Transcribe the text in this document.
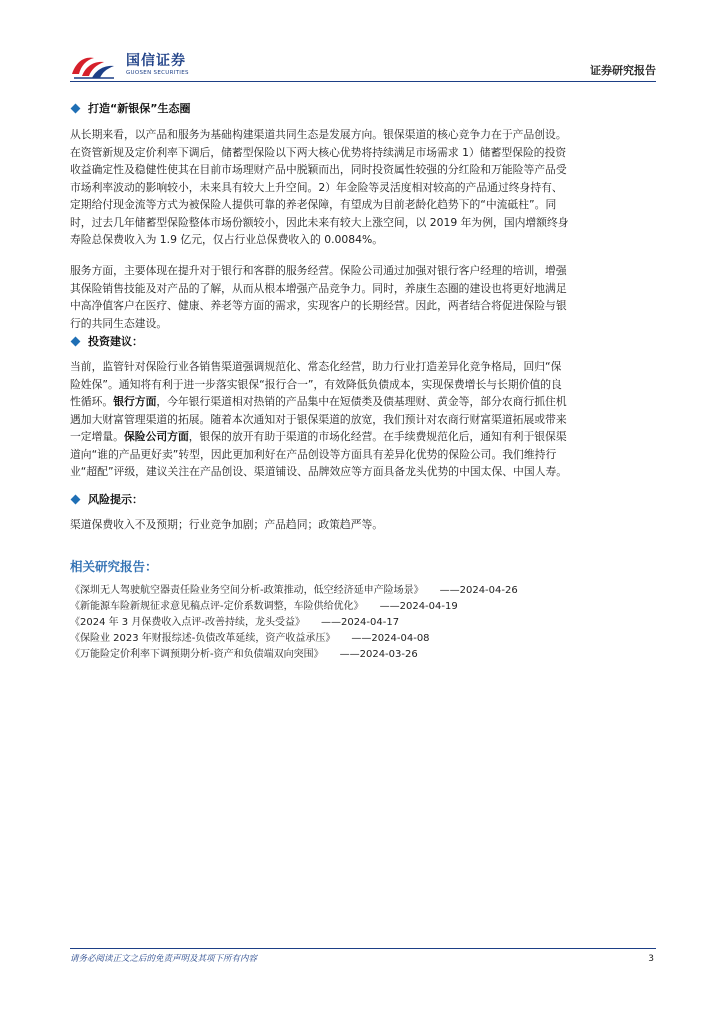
国信证券
GUOSEN SECURITIES	证券研究报告
打造“新银保”生态圈
从长期来看，以产品和服务为基础构建渠道共同生态是发展方向。银保渠道的核心竞争力在于产品创设。
在资管新规及定价利率下调后，储蓄型保险以下两大核心优势将持续满足市场需求 1）储蓄型保险的投资
收益确定性及稳健性使其在目前市场理财产品中脱颖而出，同时投资属性较强的分红险和万能险等产品受
市场利率波动的影响较小，未来具有较大上升空间。2）年金险等灵活度相对较高的产品通过终身持有、
定期给付现金流等方式为被保险人提供可靠的养老保障，有望成为目前老龄化趋势下的“中流砥柱”。同
时，过去几年储蓄型保险整体市场份额较小，因此未来有较大上涨空间，以 2019 年为例，国内增额终身
寿险总保费收入为 1.9 亿元，仅占行业总保费收入的 0.0084%。
服务方面，主要体现在提升对于银行和客群的服务经营。保险公司通过加强对银行客户经理的培训，增强
其保险销售技能及对产品的了解，从而从根本增强产品竞争力。同时，养康生态圈的建设也将更好地满足
中高净值客户在医疗、健康、养老等方面的需求，实现客户的长期经营。因此，两者结合将促进保险与银
行的共同生态建设。
投资建议：
当前，监管针对保险行业各销售渠道强调规范化、常态化经营，助力行业打造差异化竞争格局，回归“保
险姓保”。通知将有利于进一步落实银保“报行合一”，有效降低负债成本，实现保费增长与长期价值的良
性循环。银行方面，今年银行渠道相对热销的产品集中在短债类及债基理财、黄金等，部分农商行抓住机
遇加大财富管理渠道的拓展。随着本次通知对于银保渠道的放宽，我们预计对农商行财富渠道拓展或带来
一定增量。保险公司方面，银保的放开有助于渠道的市场化经营。在手续费规范化后，通知有利于银保渠
道向“谁的产品更好卖”转型，因此更加利好在产品创设等方面具有差异化优势的保险公司。我们维持行
业“超配”评级，建议关注在产品创设、渠道铺设、品牌效应等方面具备龙头优势的中国太保、中国人寿。
风险提示：
渠道保费收入不及预期；行业竞争加剧；产品趋同；政策趋严等。
相关研究报告：
《深圳无人驾驶航空器责任险业务空间分析-政策推动，低空经济延申产险场景》 ——2024-04-26
《新能源车险新规征求意见稿点评-定价系数调整，车险供给优化》 ——2024-04-19
《2024 年 3 月保费收入点评-改善持续，龙头受益》 ——2024-04-17
《保险业 2023 年财报综述-负债改革延续，资产收益承压》 ——2024-04-08
《万能险定价利率下调预期分析-资产和负债端双向突围》 ——2024-03-26
请务必阅读正文之后的免责声明及其项下所有内容	3
